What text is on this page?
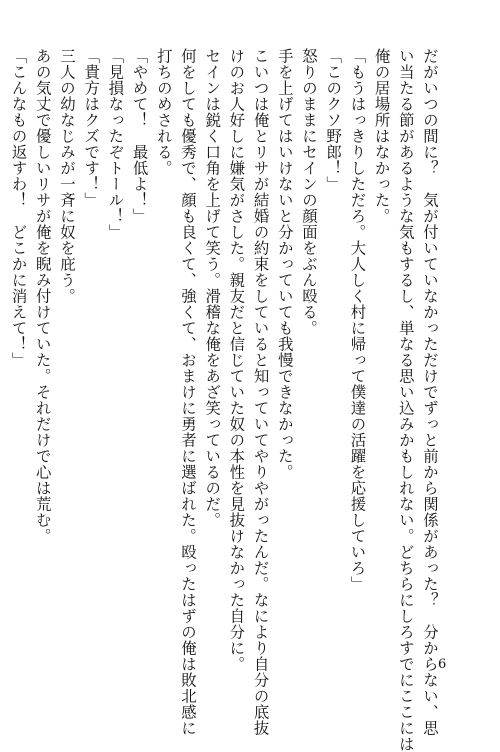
だがいつの間に？　気が付いていなかっただけでずっと前から関係があった？　分からない、思
い当たる節があるような気もするし、単なる思い込みかもしれない。どちらにしろすでにここには
俺の居場所はなかった。
「もうはっきりしただろ。大人しく村に帰って僕達の活躍を応援していろ」
「このクソ野郎！」
怒りのままにセインの顔面をぶん殴る。
手を上げてはいけないと分かっていても我慢できなかった。
こいつは俺とリサが結婚の約束をしていると知っていてやりやがったんだ。なにより自分の底抜
けのお人好しに嫌気がさした。親友だと信じていた奴の本性を見抜けなかった自分に。
セインは鋭く口角を上げて笑う。滑稽な俺をあざ笑っているのだ。
何をしても優秀で、顔も良くて、強くて、おまけに勇者に選ばれた。殴ったはずの俺は敗北感に
打ちのめされる。
「やめて！　最低よ！」
「見損なったぞトール！」
「貴方はクズです！」
三人の幼なじみが一斉に奴を庇う。
あの気丈で優しいリサが俺を睨み付けていた。それだけで心は荒む。
「こんなもの返すわ！　どこかに消えて！」
6
